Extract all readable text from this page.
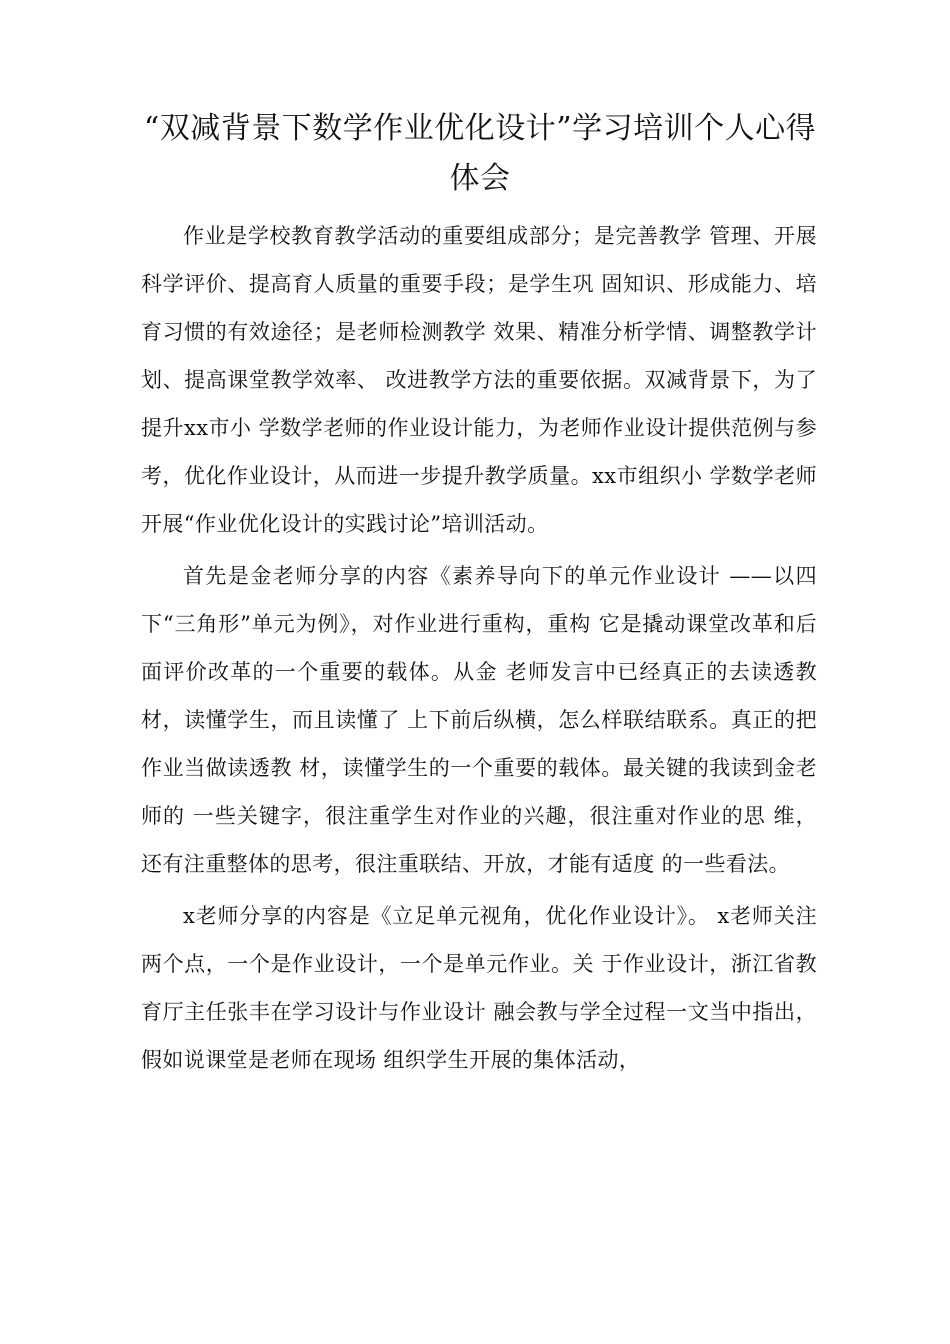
“双减背景下数学作业优化设计”学习培训个人心得体会

作业是学校教育教学活动的重要组成部分；是完善教学 管理、开展科学评价、提高育人质量的重要手段；是学生巩 固知识、形成能力、培育习惯的有效途径；是老师检测教学 效果、精准分析学情、调整教学计划、提高课堂教学效率、 改进教学方法的重要依据。双减背景下，为了提升xx市小 学数学老师的作业设计能力，为老师作业设计提供范例与参 考，优化作业设计，从而进一步提升教学质量。xx市组织小 学数学老师开展“作业优化设计的实践讨论”培训活动。

首先是金老师分享的内容《素养导向下的单元作业设计 ——以四下“三角形”单元为例》，对作业进行重构，重构 它是撬动课堂改革和后面评价改革的一个重要的载体。从金 老师发言中已经真正的去读透教材，读懂学生，而且读懂了 上下前后纵横，怎么样联结联系。真正的把作业当做读透教 材，读懂学生的一个重要的载体。最关键的我读到金老师的 一些关键字，很注重学生对作业的兴趣，很注重对作业的思 维，还有注重整体的思考，很注重联结、开放，才能有适度 的一些看法。

x老师分享的内容是《立足单元视角，优化作业设计》。 x老师关注两个点，一个是作业设计，一个是单元作业。关 于作业设计，浙江省教育厅主任张丰在学习设计与作业设计 融会教与学全过程一文当中指出，假如说课堂是老师在现场 组织学生开展的集体活动，
